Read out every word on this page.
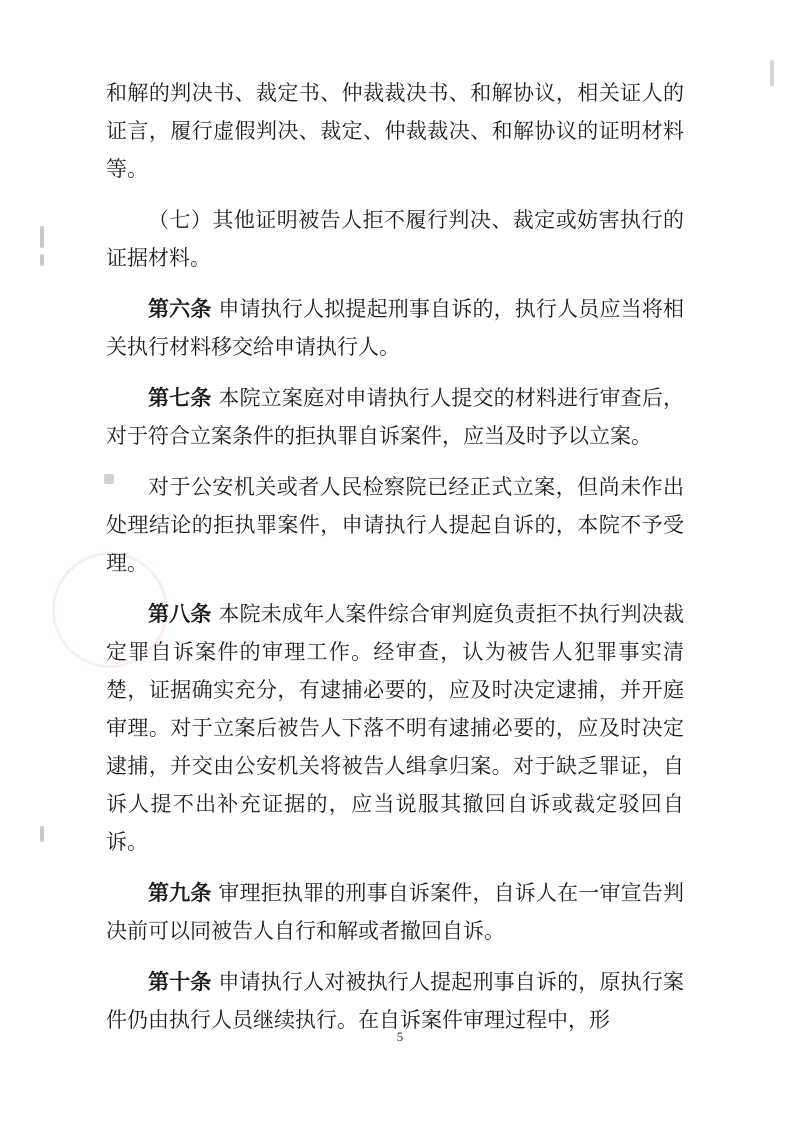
和解的判决书、裁定书、仲裁裁决书、和解协议，相关证人的证言，履行虚假判决、裁定、仲裁裁决、和解协议的证明材料等。

（七）其他证明被告人拒不履行判决、裁定或妨害执行的证据材料。

第六条 申请执行人拟提起刑事自诉的，执行人员应当将相关执行材料移交给申请执行人。

第七条 本院立案庭对申请执行人提交的材料进行审查后，对于符合立案条件的拒执罪自诉案件，应当及时予以立案。

对于公安机关或者人民检察院已经正式立案，但尚未作出处理结论的拒执罪案件，申请执行人提起自诉的，本院不予受理。

第八条 本院未成年人案件综合审判庭负责拒不执行判决裁定罪自诉案件的审理工作。经审查，认为被告人犯罪事实清楚，证据确实充分，有逮捕必要的，应及时决定逮捕，并开庭审理。对于立案后被告人下落不明有逮捕必要的，应及时决定逮捕，并交由公安机关将被告人缉拿归案。对于缺乏罪证，自诉人提不出补充证据的，应当说服其撤回自诉或裁定驳回自诉。

第九条 审理拒执罪的刑事自诉案件，自诉人在一审宣告判决前可以同被告人自行和解或者撤回自诉。

第十条 申请执行人对被执行人提起刑事自诉的，原执行案件仍由执行人员继续执行。在自诉案件审理过程中，形

5
